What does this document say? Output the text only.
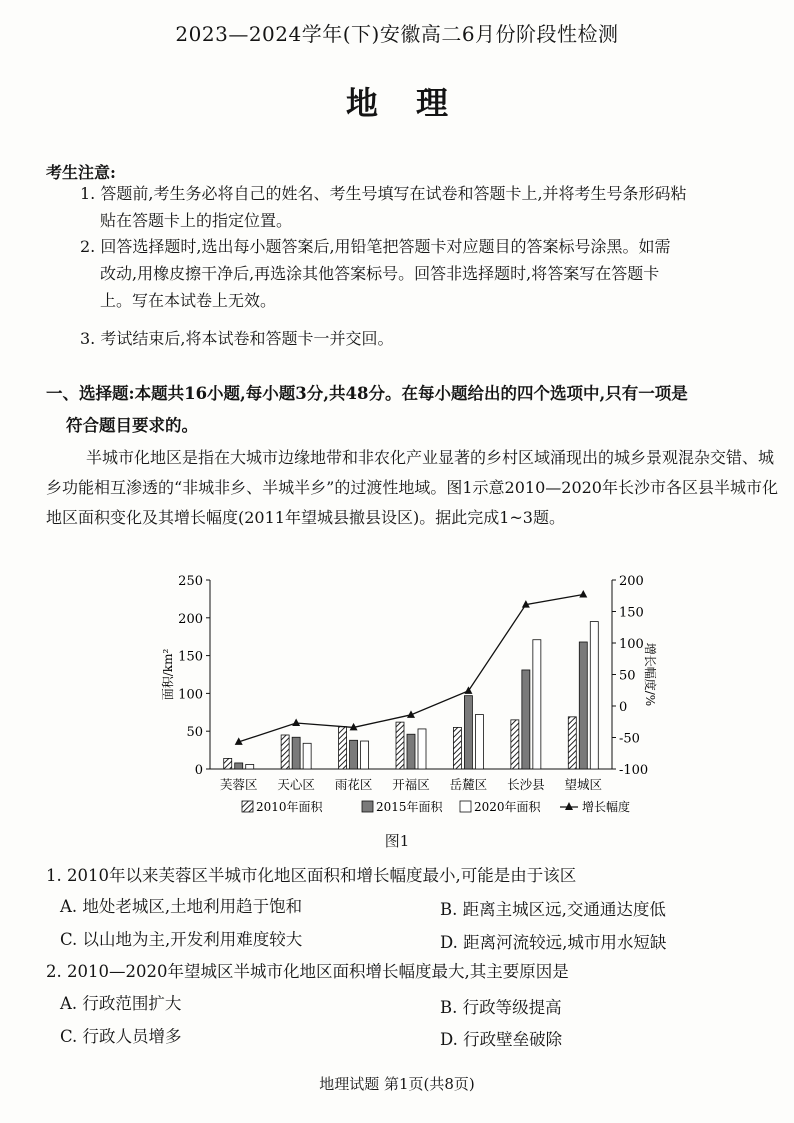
2023—2024学年(下)安徽高二6月份阶段性检测
地理
考生注意:
1. 答题前,考生务必将自己的姓名、考生号填写在试卷和答题卡上,并将考生号条形码粘
贴在答题卡上的指定位置。
2. 回答选择题时,选出每小题答案后,用铅笔把答题卡对应题目的答案标号涂黑。如需
改动,用橡皮擦干净后,再选涂其他答案标号。回答非选择题时,将答案写在答题卡
上。写在本试卷上无效。
3. 考试结束后,将本试卷和答题卡一并交回。
一、选择题:本题共16小题,每小题3分,共48分。在每小题给出的四个选项中,只有一项是
符合题目要求的。
半城市化地区是指在大城市边缘地带和非农化产业显著的乡村区域涌现出的城乡景观混杂交错、城乡功能相互渗透的“非城非乡、半城半乡”的过渡性地域。图1示意2010—2020年长沙市各区县半城市化地区面积变化及其增长幅度(2011年望城县撤县设区)。据此完成1~3题。
0
50
100
150
200
250
-100
-50
0
50
100
150
200
面积/km²	增长幅度/%
芙蓉区 天心区 雨花区 开福区 岳麓区 长沙县 望城区
2010年面积	2015年面积	2020年面积	增长幅度
图1
1. 2010年以来芙蓉区半城市化地区面积和增长幅度最小,可能是由于该区
A. 地处老城区,土地利用趋于饱和	B. 距离主城区远,交通通达度低
C. 以山地为主,开发利用难度较大	D. 距离河流较远,城市用水短缺
2. 2010—2020年望城区半城市化地区面积增长幅度最大,其主要原因是
A. 行政范围扩大	B. 行政等级提高
C. 行政人员增多	D. 行政壁垒破除
地理试题 第1页(共8页)
